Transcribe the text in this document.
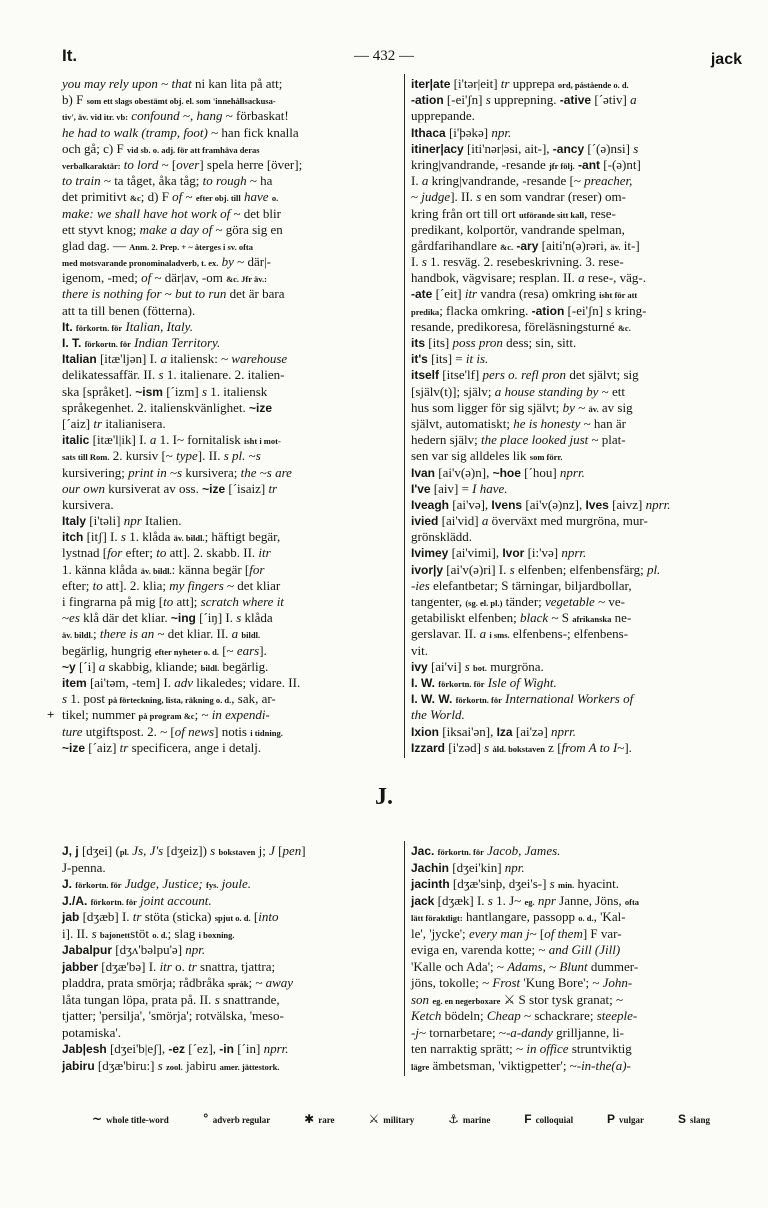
It.	— 432 —	jack
you may rely upon ~ that ni kan lita på att;
b) F som ett slags obestämt obj. el. som 'innehållsackusa-
tiv', äv. vid itr. vb: confound ~, hang ~ förbaskat!
he had to walk (tramp, foot) ~ han fick knalla
och gå; c) F vid sb. o. adj. för att framhäva deras
verbalkaraktär: to lord ~ [over] spela herre [över];
to train ~ ta tåget, åka tåg; to rough ~ ha
det primitivt &c; d) F of ~ efter obj. till have o.
make: we shall have hot work of ~ det blir
ett styvt knog; make a day of ~ göra sig en
glad dag. — Anm. 2. Prep. + ~ återges i sv. ofta
med motsvarande pronominaladverb, t. ex. by ~ där|-
igenom, -med; of ~ där|av, -om &c. Jfr äv.:
there is nothing for ~ but to run det är bara
att ta till benen (fötterna).
It. förkortn. för Italian, Italy.
I. T. förkortn. för Indian Territory.
Italian [itæ'ljən] I. a italiensk: ~ warehouse
delikatessaffär. II. s 1. italienare. 2. italien-
ska [språket]. ~ism [ˊizm] s 1. italiensk
språkegenhet. 2. italienskvänlighet. ~ize
[ˊaiz] tr italianisera.
italic [itæ'l|ik] I. a 1. I~ fornitalisk isht i mot-
sats till Rom. 2. kursiv [~ type]. II. s pl. ~s
kursivering; print in ~s kursivera; the ~s are
our own kursiverat av oss. ~ize [ˊisaiz] tr
kursivera.
Italy [i'təli] npr Italien.
itch [itʃ] I. s 1. klåda äv. bildl.; häftigt begär,
lystnad [for efter; to att]. 2. skabb. II. itr
1. känna klåda äv. bildl.: känna begär [for
efter; to att]. 2. klia; my fingers ~ det kliar
i fingrarna på mig [to att]; scratch where it
~es klå där det kliar. ~ing [ˊiŋ] I. s klåda
äv. bildl.; there is an ~ det kliar. II. a bildl.
begärlig, hungrig efter nyheter o. d. [~ ears].
~y [ˊi] a skabbig, kliande; bildl. begärlig.
item [ai'təm, -tem] I. adv likaledes; vidare. II.
s 1. post på förteckning, lista, räkning o. d., sak, ar-
+ tikel; nummer på program &c; ~ in expendi-
ture utgiftspost. 2. ~ [of news] notis i tidning.
~ize [ˊaiz] tr specificera, ange i detalj.
iter|ate [i'tər|eit] tr upprepa ord, påstående o. d.
-ation [-ei'ʃn] s upprepning. -ative [ˊətiv] a
upprepande.
Ithaca [i'þəkə] npr.
itiner|acy [iti'nər|əsi, ait-], -ancy [ˊ(ə)nsi] s
kring|vandrande, -resande jfr följ. -ant [-(ə)nt]
I. a kring|vandrande, -resande [~ preacher,
~ judge]. II. s en som vandrar (reser) om-
kring från ort till ort utförande sitt kall, rese-
predikant, kolportör, vandrande spelman,
gårdfarihandlare &c. -ary [aiti'n(ə)rəri, äv. it-]
I. s 1. resväg. 2. resebeskrivning. 3. rese-
handbok, vägvisare; resplan. II. a rese-, väg-.
-ate [ˊeit] itr vandra (resa) omkring isht för att
predika; flacka omkring. -ation [-ei'ʃn] s kring-
resande, predikoresa, föreläsningsturné &c.
its [its] poss pron dess; sin, sitt.
it's [its] = it is.
itself [itse'lf] pers o. refl pron det självt; sig
[själv(t)]; själv; a house standing by ~ ett
hus som ligger för sig självt; by ~ äv. av sig
självt, automatiskt; he is honesty ~ han är
hedern själv; the place looked just ~ plat-
sen var sig alldeles lik som förr.
Ivan [ai'v(ə)n], ~hoe [ˊhou] nprr.
I've [aiv] = I have.
Iveagh [ai'və], Ivens [ai'v(ə)nz], Ives [aivz] nprr.
ivied [ai'vid] a överväxt med murgröna, mur-
grönsklädd.
Ivimey [ai'vimi], Ivor [i:'və] nprr.
ivor|y [ai'v(ə)ri] I. s elfenben; elfenbensfärg; pl.
-ies elefantbetar; S tärningar, biljardbollar,
tangenter, (sg. el. pl.) tänder; vegetable ~ ve-
getabiliskt elfenben; black ~ S afrikanska ne-
gerslavar. II. a i sms. elfenbens-; elfenbens-
vit.
ivy [ai'vi] s bot. murgröna.
I. W. förkortn. för Isle of Wight.
I. W. W. förkortn. för International Workers of
the World.
Ixion [iksai'ən], Iza [ai'zə] nprr.
Izzard [i'zəd] s åld. bokstaven z [from A to I~].
J.
J, j [dʒei] (pl. Js, J's [dʒeiz]) s bokstaven j; J [pen]
J-penna.
J. förkortn. för Judge, Justice; fys. joule.
J./A. förkortn. för joint account.
jab [dʒæb] I. tr stöta (sticka) spjut o. d. [into
i]. II. s bajonettstöt o. d.; slag i boxning.
Jabalpur [dʒʌ'bəlpu'ə] npr.
jabber [dʒæ'bə] I. itr o. tr snattra, tjattra;
pladdra, prata smörja; rådbråka språk; ~ away
låta tungan löpa, prata på. II. s snattrande,
tjatter; 'persilja', 'smörja'; rotvälska, 'meso-
potamiska'.
Jab|esh [dʒei'b|eʃ], -ez [ˊez], -in [ˊin] nprr.
jabiru [dʒæ'biru:] s zool. jabiru amer. jättestork.
Jac. förkortn. för Jacob, James.
Jachin [dʒei'kin] npr.
jacinth [dʒæ'sinþ, dʒei's-] s min. hyacint.
jack [dʒæk] I. s 1. J~ eg. npr Janne, Jöns, ofta
lätt föraktligt: hantlangare, passopp o. d., 'Kal-
le', 'jycke'; every man j~ [of them] F var-
eviga en, varenda kotte; ~ and Gill (Jill)
'Kalle och Ada'; ~ Adams, ~ Blunt dummer-
jöns, tokolle; ~ Frost 'Kung Bore'; ~ John-
son eg. en negerboxare ⚔ S stor tysk granat; ~
Ketch bödeln; Cheap ~ schackrare; steeple-
-j~ tornarbetare; ~-a-dandy grilljanne, li-
ten narraktig sprätt; ~ in office struntviktig
lägre ämbetsman, 'viktigpetter'; ~-in-the(a)-
~ whole title-word	° adverb regular	✱ rare	⚔ military	⚓ marine	F colloquial	P vulgar	S slang
